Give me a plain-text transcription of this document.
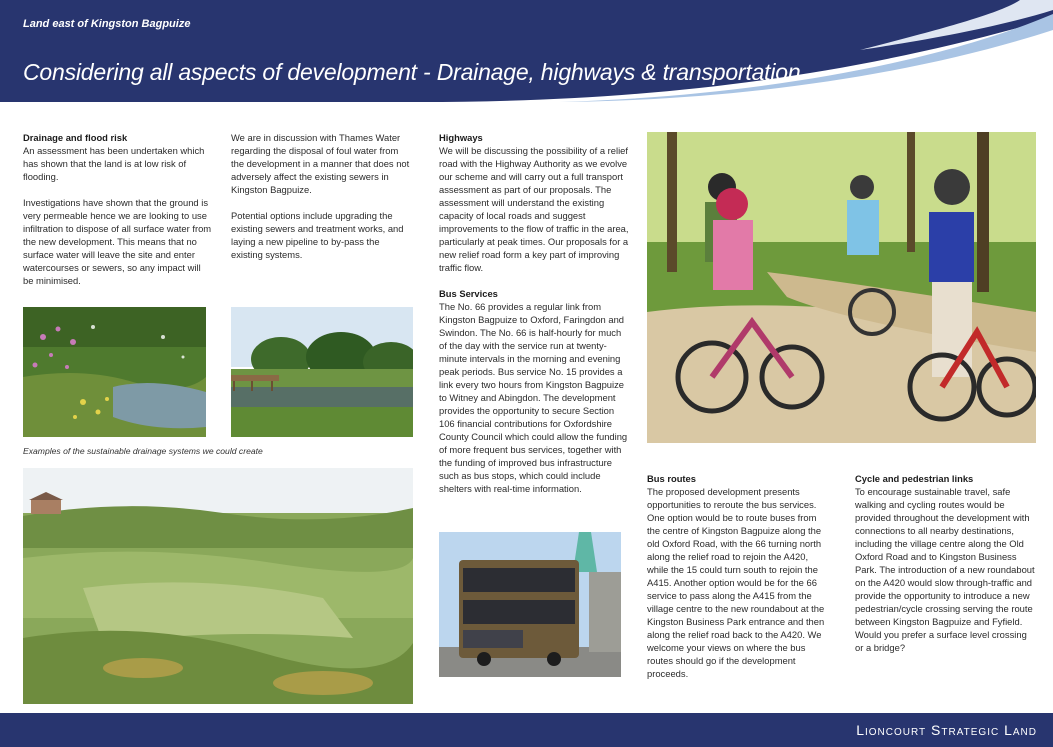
Land east of Kingston Bagpuize
Considering all aspects of development - Drainage, highways & transportation
Drainage and flood risk

An assessment has been undertaken which has shown that the land is at low risk of flooding.

Investigations have shown that the ground is very permeable hence we are looking to use infiltration to dispose of all surface water from the new development. This means that no surface water will leave the site and enter watercourses or sewers, so any impact will be minimised.

We are in discussion with Thames Water regarding the disposal of foul water from the development in a manner that does not adversely affect the existing sewers in Kingston Bagpuize.

Potential options include upgrading the existing sewers and treatment works, and laying a new pipeline to by-pass the existing systems.

Highways

We will be discussing the possibility of a relief road with the Highway Authority as we evolve our scheme and will carry out a full transport assessment as part of our proposals. The assessment will understand the existing capacity of local roads and suggest improvements to the flow of traffic in the area, particularly at peak times. Our proposals for a new relief road form a key part of improving traffic flow.

Bus Services

The No. 66 provides a regular link from Kingston Bagpuize to Oxford, Faringdon and Swindon. The No. 66 is half-hourly for much of the day with the service run at twenty-minute intervals in the morning and evening peak periods. Bus service No. 15 provides a link every two hours from Kingston Bagpuize to Witney and Abingdon. The development provides the opportunity to secure Section 106 financial contributions for Oxfordshire County Council which could allow the funding of more frequent bus services, together with the funding of improved bus infrastructure such as bus stops, which could include shelters with real-time information.

Bus routes

The proposed development presents opportunities to reroute the bus services. One option would be to route buses from the centre of Kingston Bagpuize along the old Oxford Road, with the 66 turning north along the relief road to rejoin the A420, while the 15 could turn south to rejoin the A415. Another option would be for the 66 service to pass along the A415 from the village centre to the new roundabout at the Kingston Business Park entrance and then along the relief road back to the A420. We welcome your views on where the bus routes should go if the development proceeds.

Cycle and pedestrian links

To encourage sustainable travel, safe walking and cycling routes would be provided throughout the development with connections to all nearby destinations, including the village centre along the Old Oxford Road and to Kingston Business Park. The introduction of a new roundabout on the A420 would slow through-traffic and provide the opportunity to introduce a new pedestrian/cycle crossing serving the route between Kingston Bagpuize and Fyfield. Would you prefer a surface level crossing or a bridge?

Examples of the sustainable drainage systems we could create
Lioncourt Strategic Land
